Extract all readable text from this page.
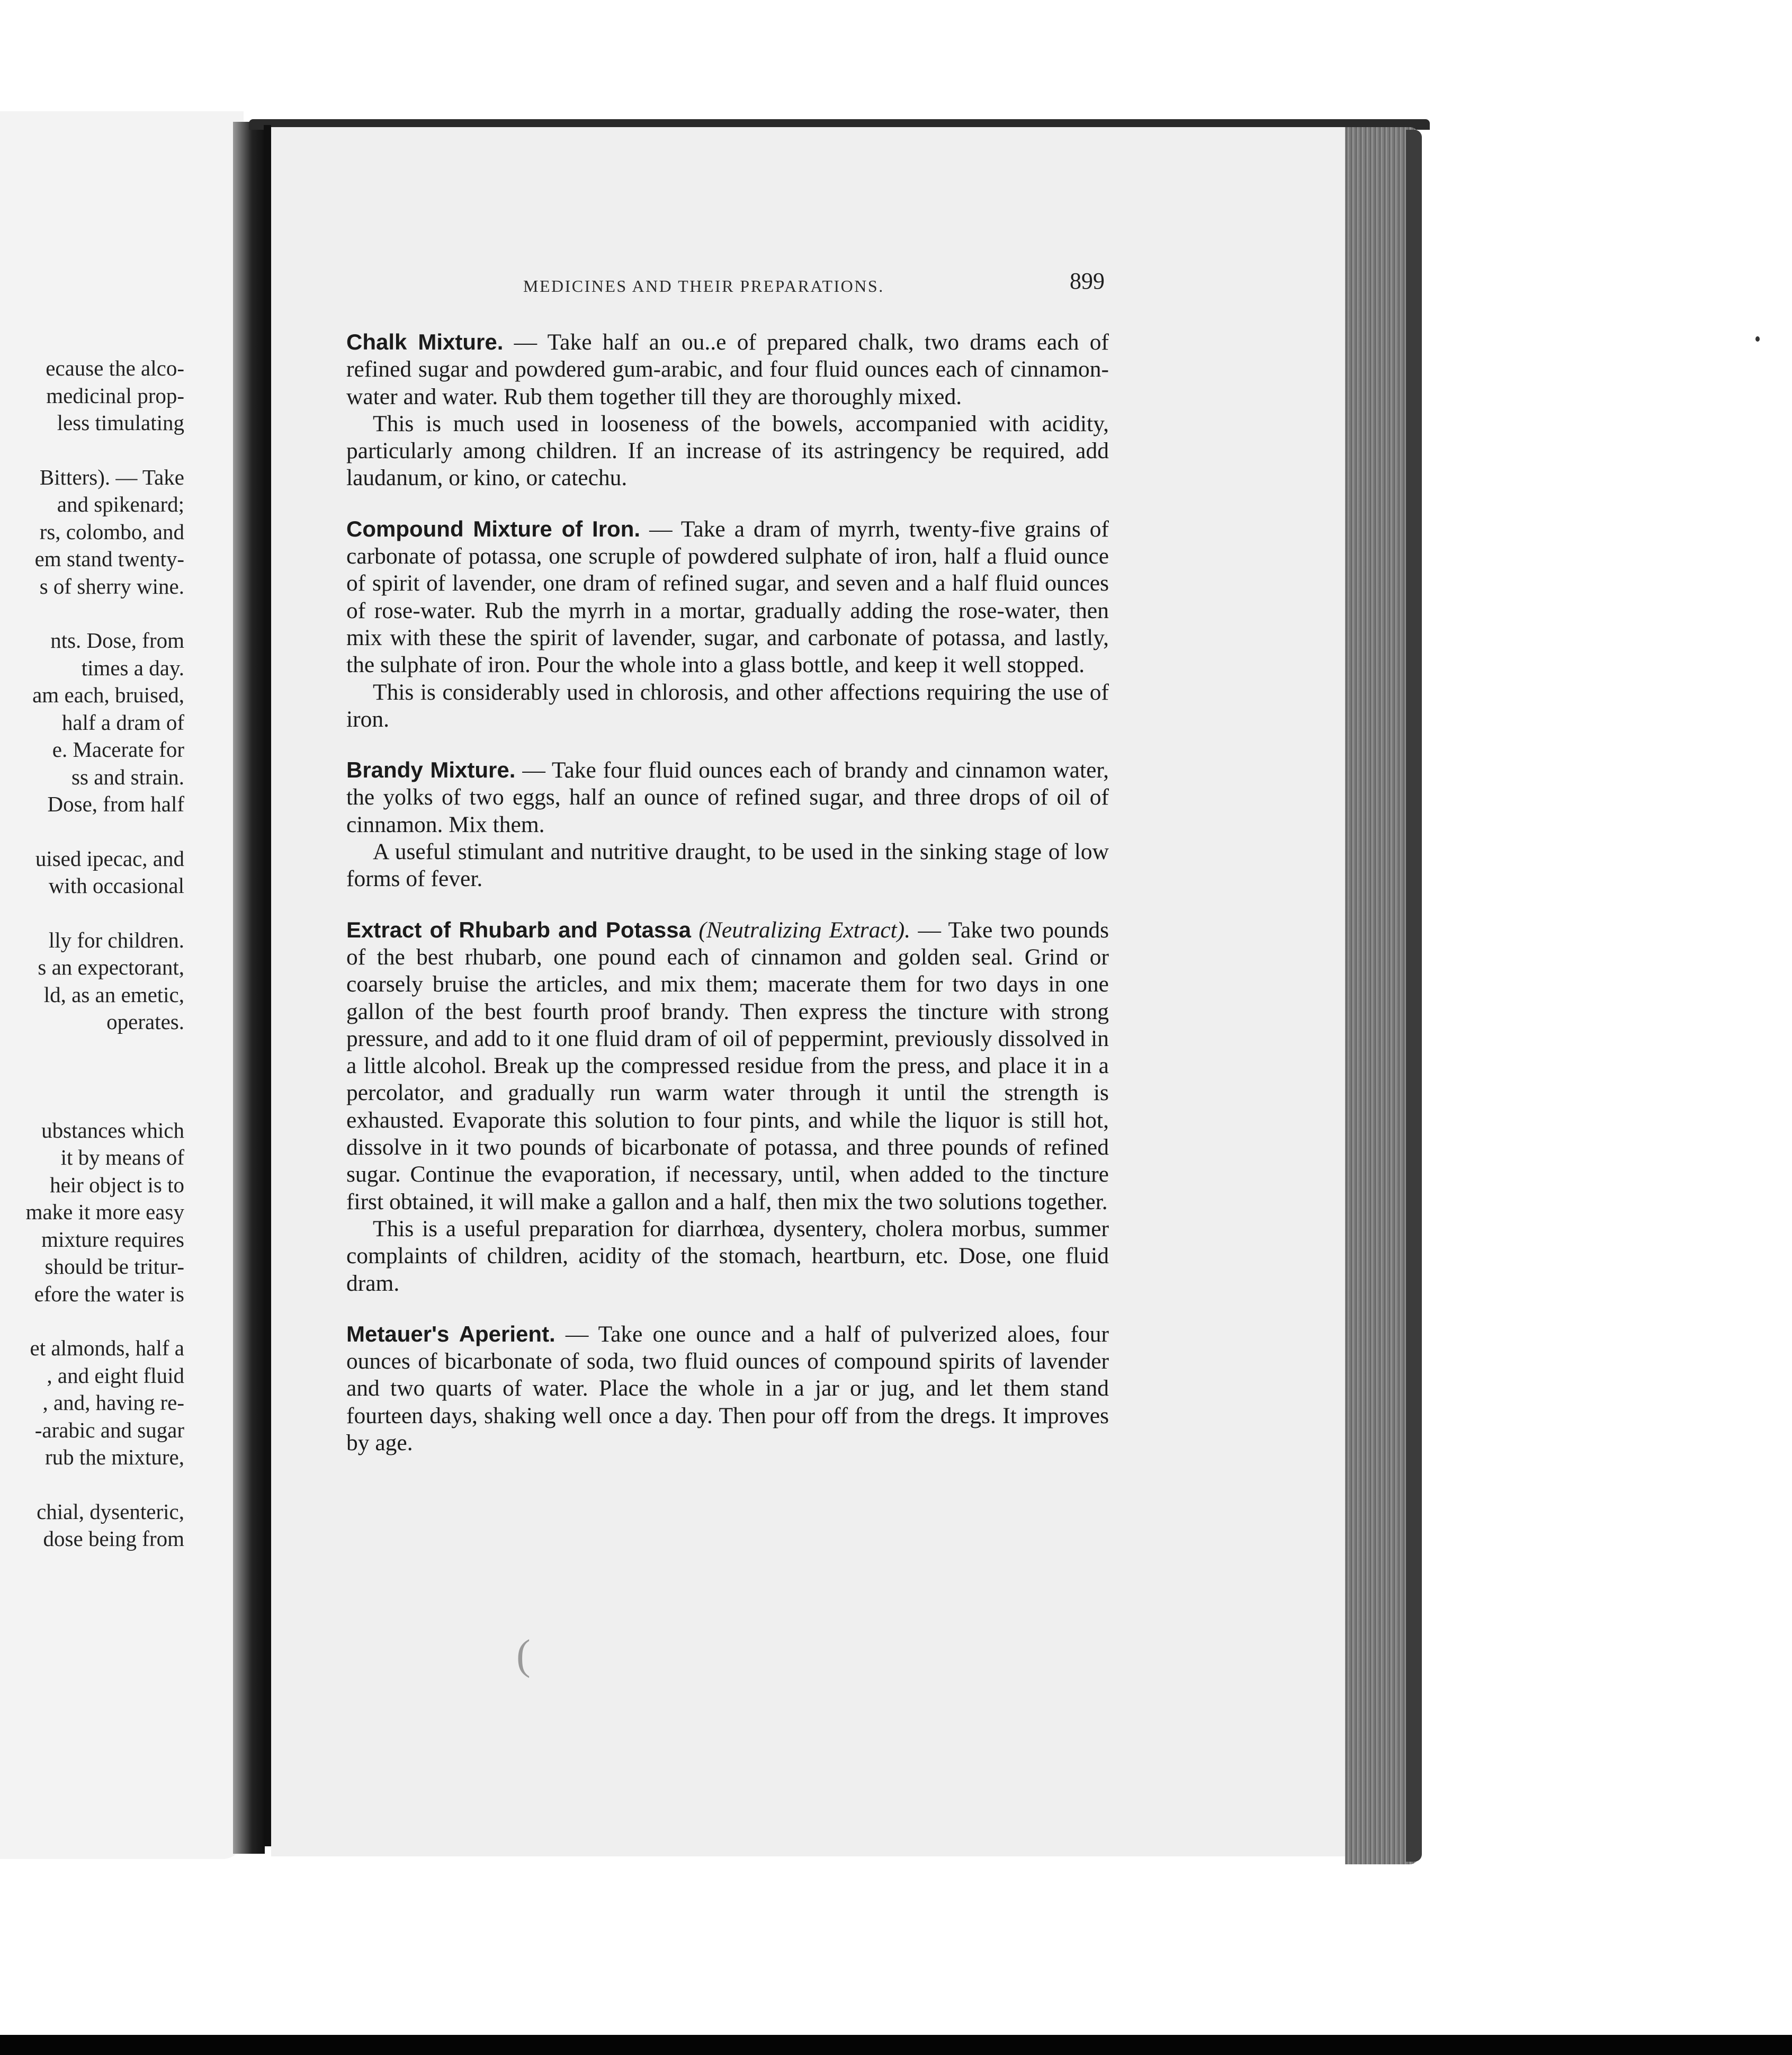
ecause the alco-
medicinal prop-
less timulating
Bitters). — Take
and spikenard;
rs, colombo, and
em stand twenty-
s of sherry wine.
nts. Dose, from
times a day.
am each, bruised,
half a dram of
e. Macerate for
ss and strain.
Dose, from half
uised ipecac, and
with occasional
lly for children.
s an expectorant,
ld, as an emetic,
operates.
ubstances which
it by means of
heir object is to
make it more easy
mixture requires
should be tritur-
efore the water is
et almonds, half a
, and eight fluid
, and, having re-
-arabic and sugar
rub the mixture,
chial, dysenteric,
dose being from
MEDICINES AND THEIR PREPARATIONS.	899

Chalk Mixture. — Take half an ou..e of prepared chalk, two drams each of refined sugar and powdered gum-arabic, and four fluid ounces each of cinnamon-water and water. Rub them together till they are thoroughly mixed.

This is much used in looseness of the bowels, accompanied with acidity, particularly among children. If an increase of its astringency be required, add laudanum, or kino, or catechu.

Compound Mixture of Iron. — Take a dram of myrrh, twenty-five grains of carbonate of potassa, one scruple of powdered sulphate of iron, half a fluid ounce of spirit of lavender, one dram of refined sugar, and seven and a half fluid ounces of rose-water. Rub the myrrh in a mortar, gradually adding the rose-water, then mix with these the spirit of lavender, sugar, and carbonate of potassa, and lastly, the sulphate of iron. Pour the whole into a glass bottle, and keep it well stopped.

This is considerably used in chlorosis, and other affections requiring the use of iron.

Brandy Mixture. — Take four fluid ounces each of brandy and cinnamon water, the yolks of two eggs, half an ounce of refined sugar, and three drops of oil of cinnamon. Mix them.

A useful stimulant and nutritive draught, to be used in the sinking stage of low forms of fever.

Extract of Rhubarb and Potassa (Neutralizing Extract). — Take two pounds of the best rhubarb, one pound each of cinnamon and golden seal. Grind or coarsely bruise the articles, and mix them; macerate them for two days in one gallon of the best fourth proof brandy. Then express the tincture with strong pressure, and add to it one fluid dram of oil of peppermint, previously dissolved in a little alcohol. Break up the compressed residue from the press, and place it in a percolator, and gradually run warm water through it until the strength is exhausted. Evaporate this solution to four pints, and while the liquor is still hot, dissolve in it two pounds of bicarbonate of potassa, and three pounds of refined sugar. Continue the evaporation, if necessary, until, when added to the tincture first obtained, it will make a gallon and a half, then mix the two solutions together.

This is a useful preparation for diarrhœa, dysentery, cholera morbus, summer complaints of children, acidity of the stomach, heartburn, etc. Dose, one fluid dram.

Metauer's Aperient. — Take one ounce and a half of pulverized aloes, four ounces of bicarbonate of soda, two fluid ounces of compound spirits of lavender and two quarts of water. Place the whole in a jar or jug, and let them stand fourteen days, shaking well once a day. Then pour off from the dregs. It improves by age.

(
